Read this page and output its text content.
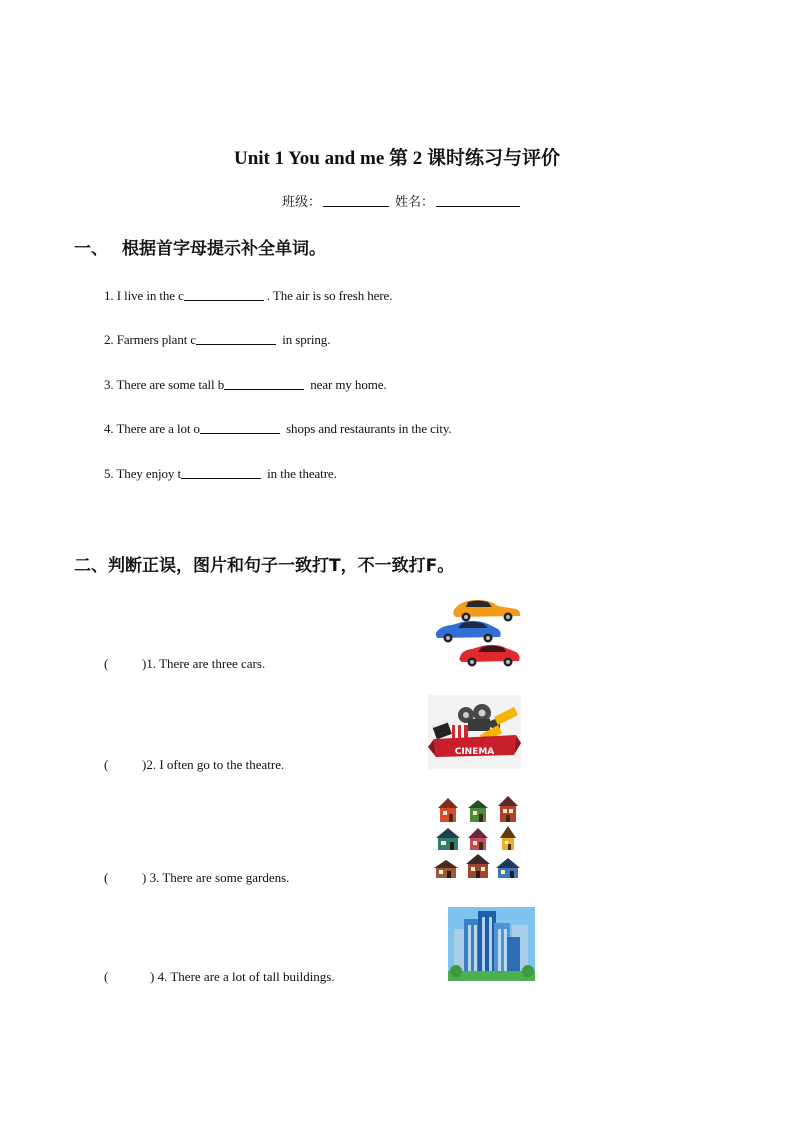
Unit 1 You and me 第 2 课时练习与评价
班级：	姓名：
一、 根据首字母提示补全单词。
1. I live in the c	. The air is so fresh here.
2. Farmers plant c	in spring.
3. There are some tall b	near my home.
4. There are a lot o	shops and restaurants in the city.
5. They enjoy t	in the theatre.
二、判断正误，图片和句子一致打T，不一致打F。
(	)1. There are three cars.
(	)2. I often go to the theatre.
(	) 3. There are some gardens.
(	) 4. There are a lot of tall buildings.
CINEMA
